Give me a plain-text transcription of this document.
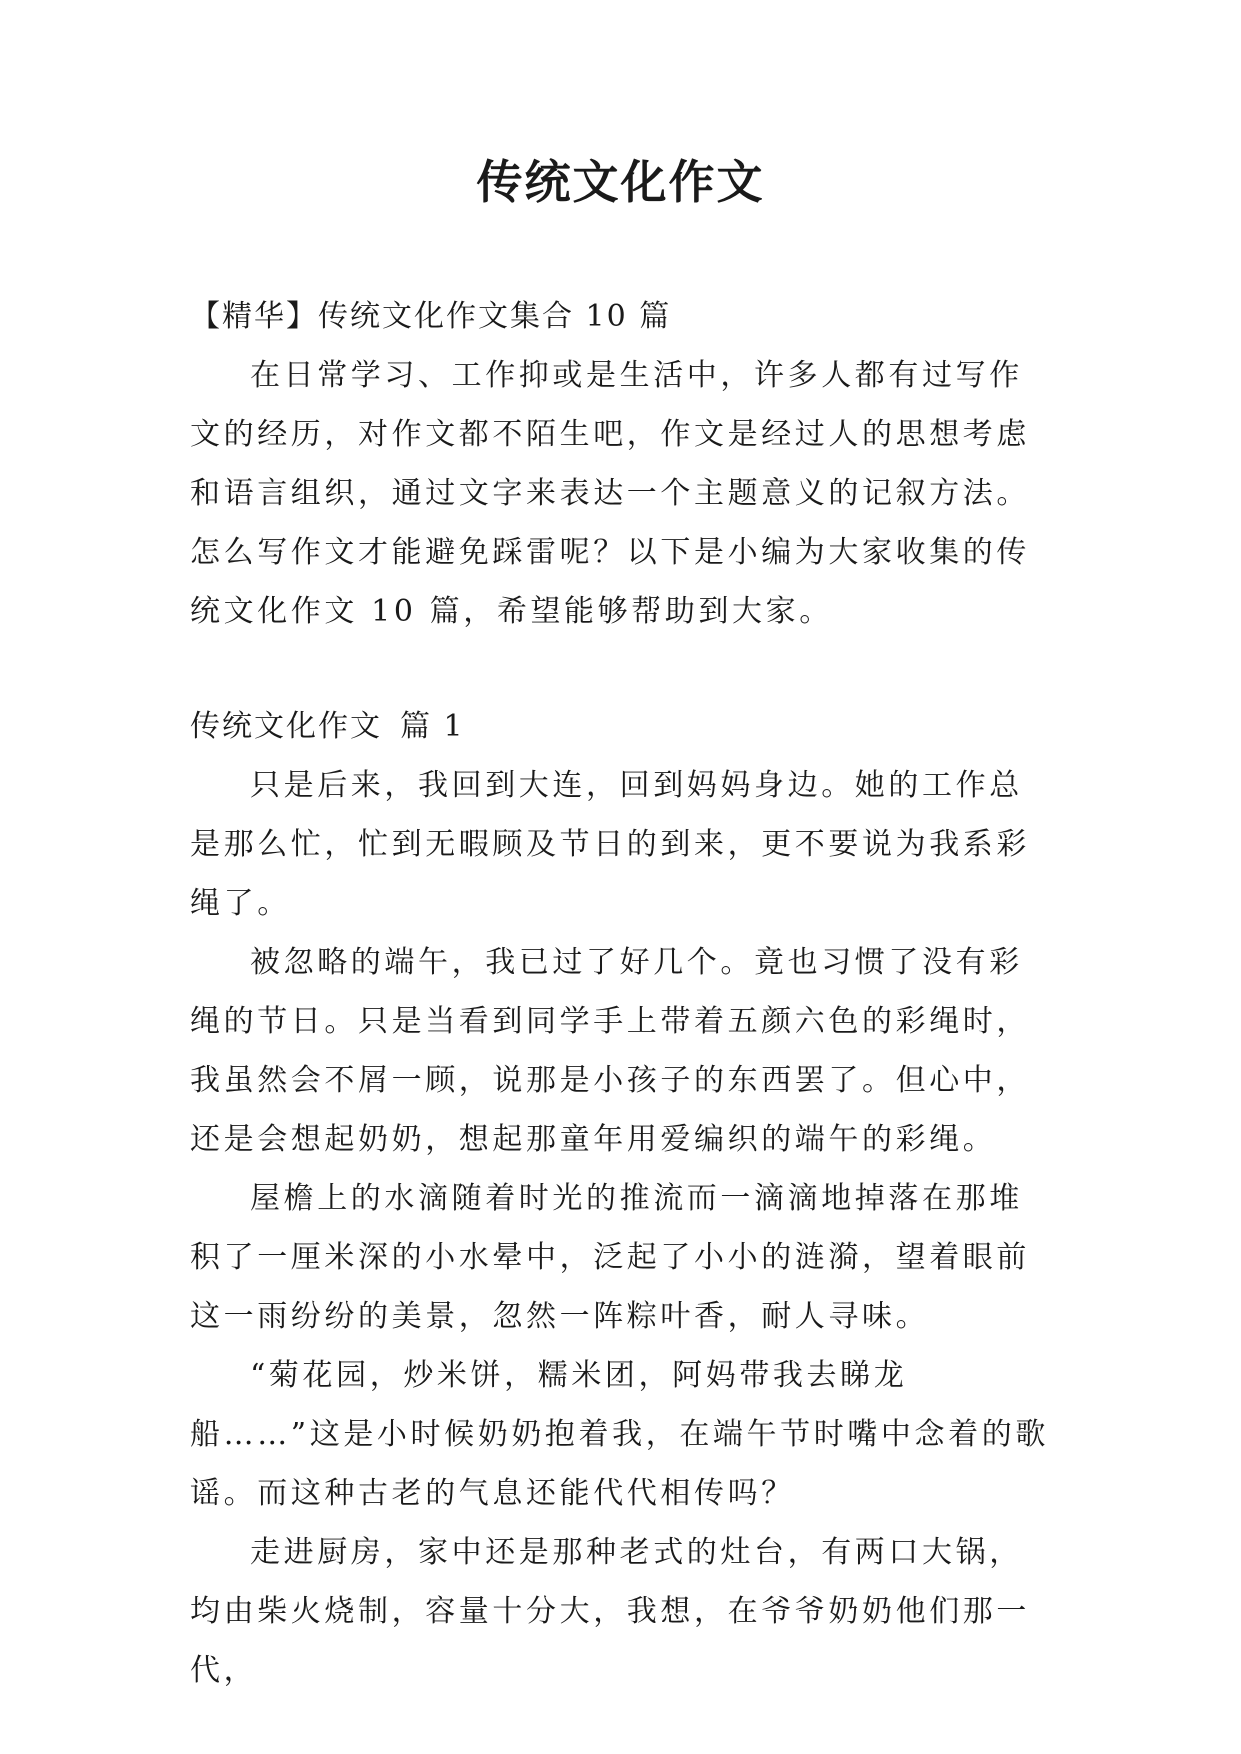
传统文化作文
【精华】传统文化作文集合 10 篇

在日常学习、工作抑或是生活中，许多人都有过写作文的经历，对作文都不陌生吧，作文是经过人的思想考虑和语言组织，通过文字来表达一个主题意义的记叙方法。怎么写作文才能避免踩雷呢？以下是小编为大家收集的传统文化作文 10 篇，希望能够帮助到大家。

传统文化作文 篇 1

只是后来，我回到大连，回到妈妈身边。她的工作总是那么忙，忙到无暇顾及节日的到来，更不要说为我系彩绳了。

被忽略的端午，我已过了好几个。竟也习惯了没有彩绳的节日。只是当看到同学手上带着五颜六色的彩绳时，我虽然会不屑一顾，说那是小孩子的东西罢了。但心中，还是会想起奶奶，想起那童年用爱编织的端午的彩绳。

屋檐上的水滴随着时光的推流而一滴滴地掉落在那堆积了一厘米深的小水晕中，泛起了小小的涟漪，望着眼前这一雨纷纷的美景，忽然一阵粽叶香，耐人寻味。

“菊花园，炒米饼，糯米团，阿妈带我去睇龙船……”这是小时候奶奶抱着我，在端午节时嘴中念着的歌谣。而这种古老的气息还能代代相传吗？

走进厨房，家中还是那种老式的灶台，有两口大锅，均由柴火烧制，容量十分大，我想，在爷爷奶奶他们那一代，
